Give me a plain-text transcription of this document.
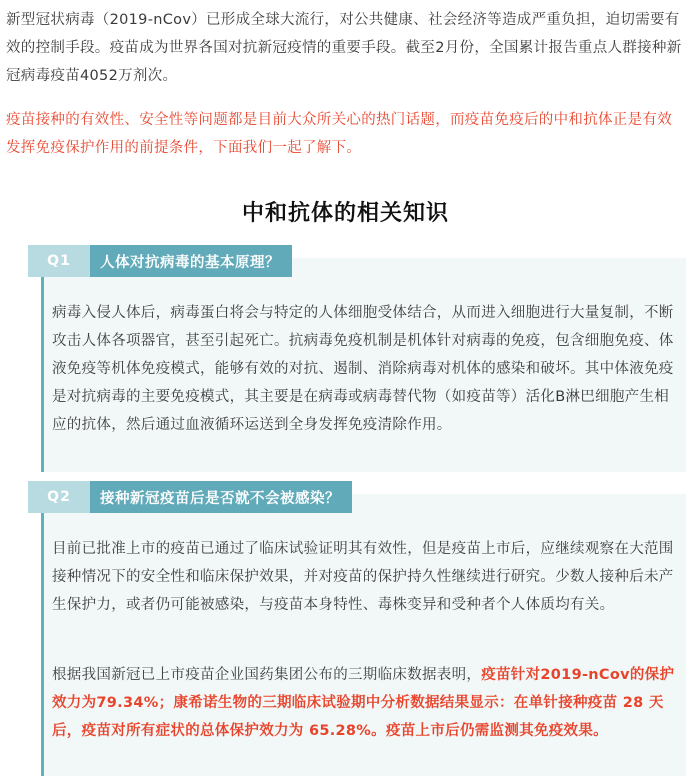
新型冠状病毒（2019-nCov）已形成全球大流行，对公共健康、社会经济等造成严重负担，迫切需要有效的控制手段。疫苗成为世界各国对抗新冠疫情的重要手段。截至2月份，全国累计报告重点人群接种新冠病毒疫苗4052万剂次。
疫苗接种的有效性、安全性等问题都是目前大众所关心的热门话题，而疫苗免疫后的中和抗体正是有效发挥免疫保护作用的前提条件，下面我们一起了解下。
中和抗体的相关知识
Q1	人体对抗病毒的基本原理？
病毒入侵人体后，病毒蛋白将会与特定的人体细胞受体结合，从而进入细胞进行大量复制，不断攻击人体各项器官，甚至引起死亡。抗病毒免疫机制是机体针对病毒的免疫，包含细胞免疫、体液免疫等机体免疫模式，能够有效的对抗、遏制、消除病毒对机体的感染和破坏。其中体液免疫是对抗病毒的主要免疫模式，其主要是在病毒或病毒替代物（如疫苗等）活化B淋巴细胞产生相应的抗体，然后通过血液循环运送到全身发挥免疫清除作用。
Q2	接种新冠疫苗后是否就不会被感染？
目前已批准上市的疫苗已通过了临床试验证明其有效性，但是疫苗上市后，应继续观察在大范围接种情况下的安全性和临床保护效果，并对疫苗的保护持久性继续进行研究。少数人接种后未产生保护力，或者仍可能被感染，与疫苗本身特性、毒株变异和受种者个人体质均有关。
根据我国新冠已上市疫苗企业国药集团公布的三期临床数据表明，疫苗针对2019-nCov的保护效力为79.34%；康希诺生物的三期临床试验期中分析数据结果显示：在单针接种疫苗 28 天后，疫苗对所有症状的总体保护效力为 65.28%。疫苗上市后仍需监测其免疫效果。
